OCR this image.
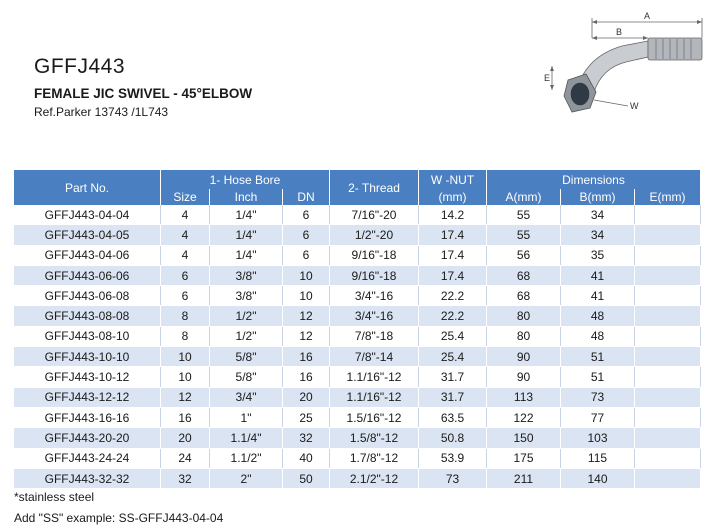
GFFJ443
FEMALE JIC SWIVEL - 45°ELBOW
Ref.Parker 13743 /1L743
A
B
E
W
Part No.	1- Hose Bore			2- Thread	W -NUT	Dimensions		
	Size	Inch	DN		(mm)	A(mm)	B(mm)	E(mm)
GFFJ443-04-04	4	1/4"	6	7/16"-20	14.2	55	34	
GFFJ443-04-05	4	1/4"	6	1/2"-20	17.4	55	34	
GFFJ443-04-06	4	1/4"	6	9/16"-18	17.4	56	35	
GFFJ443-06-06	6	3/8"	10	9/16"-18	17.4	68	41	
GFFJ443-06-08	6	3/8"	10	3/4"-16	22.2	68	41	
GFFJ443-08-08	8	1/2"	12	3/4"-16	22.2	80	48	
GFFJ443-08-10	8	1/2"	12	7/8"-18	25.4	80	48	
GFFJ443-10-10	10	5/8"	16	7/8"-14	25.4	90	51	
GFFJ443-10-12	10	5/8"	16	1.1/16"-12	31.7	90	51	
GFFJ443-12-12	12	3/4"	20	1.1/16"-12	31.7	113	73	
GFFJ443-16-16	16	1"	25	1.5/16"-12	63.5	122	77	
GFFJ443-20-20	20	1.1/4"	32	1.5/8"-12	50.8	150	103	
GFFJ443-24-24	24	1.1/2"	40	1.7/8"-12	53.9	175	115	
GFFJ443-32-32	32	2"	50	2.1/2"-12	73	211	140	
*stainless steel
Add "SS" example: SS-GFFJ443-04-04
